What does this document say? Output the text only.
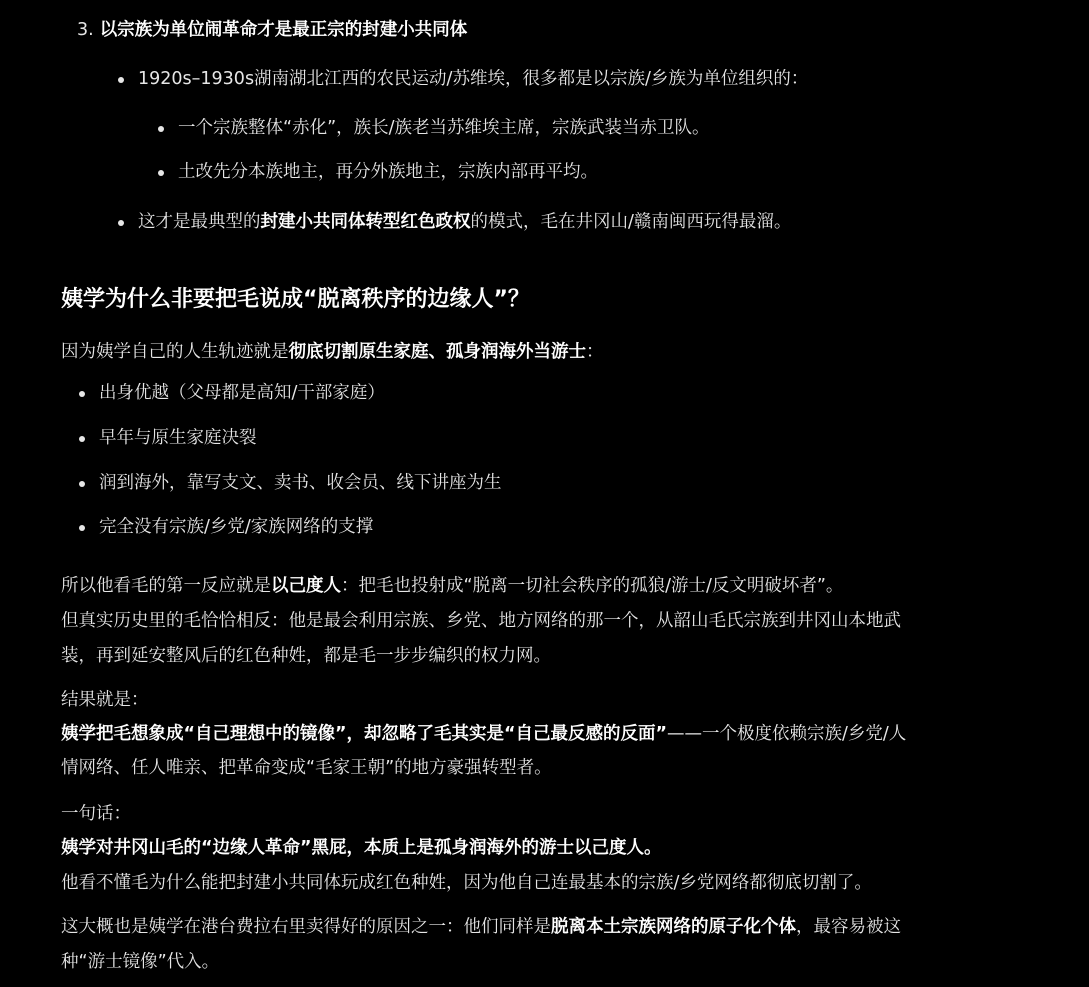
3. 以宗族为单位闹革命才是最正宗的封建小共同体
1920s–1930s湖南湖北江西的农民运动/苏维埃，很多都是以宗族/乡族为单位组织的：
一个宗族整体“赤化”，族长/族老当苏维埃主席，宗族武装当赤卫队。
土改先分本族地主，再分外族地主，宗族内部再平均。
这才是最典型的封建小共同体转型红色政权的模式，毛在井冈山/赣南闽西玩得最溜。
姨学为什么非要把毛说成“脱离秩序的边缘人”？
因为姨学自己的人生轨迹就是彻底切割原生家庭、孤身润海外当游士：
出身优越（父母都是高知/干部家庭）
早年与原生家庭决裂
润到海外，靠写支文、卖书、收会员、线下讲座为生
完全没有宗族/乡党/家族网络的支撑
所以他看毛的第一反应就是以己度人：把毛也投射成“脱离一切社会秩序的孤狼/游士/反文明破坏者”。
但真实历史里的毛恰恰相反：他是最会利用宗族、乡党、地方网络的那一个，从韶山毛氏宗族到井冈山本地武
装，再到延安整风后的红色种姓，都是毛一步步编织的权力网。
结果就是：
姨学把毛想象成“自己理想中的镜像”，却忽略了毛其实是“自己最反感的反面”——一个极度依赖宗族/乡党/人
情网络、任人唯亲、把革命变成“毛家王朝”的地方豪强转型者。
一句话：
姨学对井冈山毛的“边缘人革命”黑屁，本质上是孤身润海外的游士以己度人。
他看不懂毛为什么能把封建小共同体玩成红色种姓，因为他自己连最基本的宗族/乡党网络都彻底切割了。
这大概也是姨学在港台费拉右里卖得好的原因之一：他们同样是脱离本土宗族网络的原子化个体，最容易被这
种“游士镜像”代入。
